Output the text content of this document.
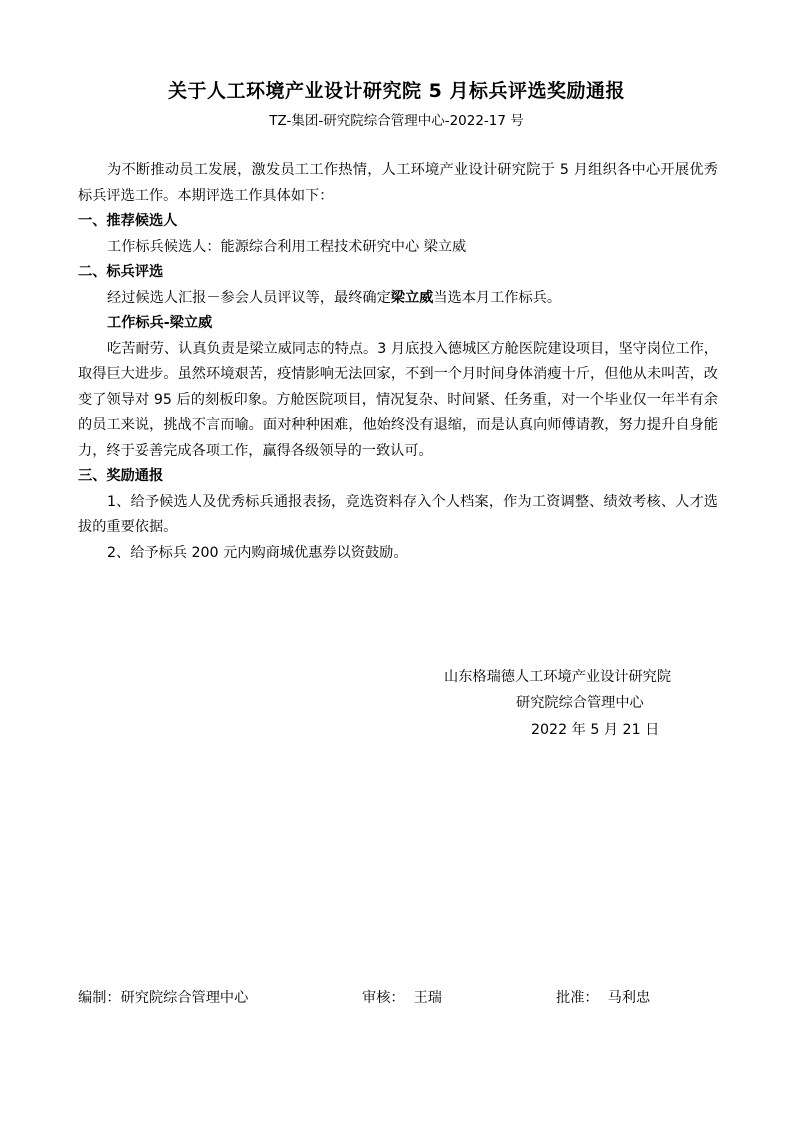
关于人工环境产业设计研究院 5 月标兵评选奖励通报
TZ-集团-研究院综合管理中心-2022-17 号

为不断推动员工发展，激发员工工作热情，人工环境产业设计研究院于 5 月组织各中心开展优秀标兵评选工作。本期评选工作具体如下：

一、推荐候选人

工作标兵候选人：能源综合利用工程技术研究中心 梁立威

二、标兵评选

经过候选人汇报－参会人员评议等，最终确定梁立威当选本月工作标兵。

工作标兵-梁立威

吃苦耐劳、认真负责是梁立威同志的特点。3 月底投入德城区方舱医院建设项目，坚守岗位工作，取得巨大进步。虽然环境艰苦，疫情影响无法回家，不到一个月时间身体消瘦十斤，但他从未叫苦，改变了领导对 95 后的刻板印象。方舱医院项目，情况复杂、时间紧、任务重，对一个毕业仅一年半有余的员工来说，挑战不言而喻。面对种种困难，他始终没有退缩，而是认真向师傅请教，努力提升自身能力，终于妥善完成各项工作，赢得各级领导的一致认可。

三、奖励通报

1、给予候选人及优秀标兵通报表扬，竞选资料存入个人档案，作为工资调整、绩效考核、人才选拔的重要依据。

2、给予标兵 200 元内购商城优惠券以资鼓励。

山东格瑞德人工环境产业设计研究院
研究院综合管理中心
2022 年 5 月 21 日
编制：研究院综合管理中心	审核：  王瑞	批准：  马利忠
